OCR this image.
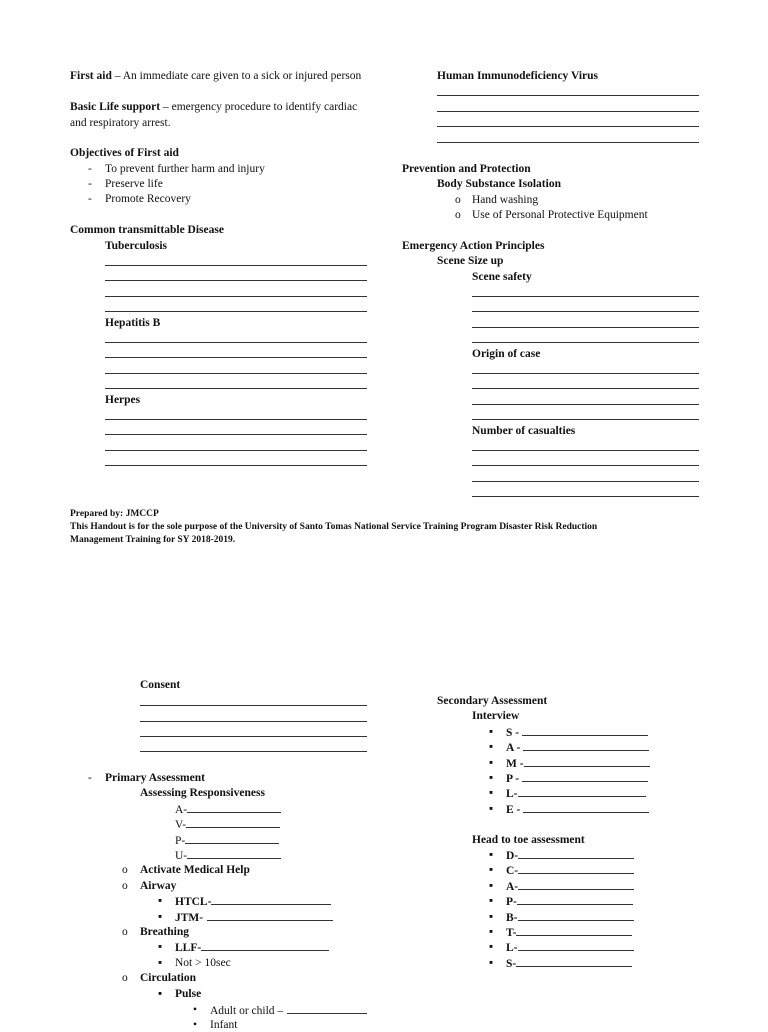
First aid – An immediate care given to a sick or injured person
Basic Life support – emergency procedure to identify cardiac
and respiratory arrest.
Objectives of First aid
- To prevent further harm and injury
- Preserve life
- Promote Recovery
Common transmittable Disease
Tuberculosis
Hepatitis B
Herpes
Human Immunodeficiency Virus
Prevention and Protection
Body Substance Isolation
o Hand washing
o Use of Personal Protective Equipment
Emergency Action Principles
Scene Size up
Scene safety
Origin of case
Number of casualties
Prepared by: JMCCP
This Handout is for the sole purpose of the University of Santo Tomas National Service Training Program Disaster Risk Reduction
Management Training for SY 2018-2019.
Consent
- Primary Assessment
Assessing Responsiveness
A-
V-
P-
U-
o Activate Medical Help
o Airway
▪ HTCL-
▪ JTM-
o Breathing
▪ LLF-
▪ Not > 10sec
o Circulation
▪ Pulse
• Adult or child –
• Infant
Secondary Assessment
Interview
▪ S -
▪ A -
▪ M -
▪ P -
▪ L-
▪ E -
Head to toe assessment
▪ D-
▪ C-
▪ A-
▪ P-
▪ B-
▪ T-
▪ L-
▪ S-
